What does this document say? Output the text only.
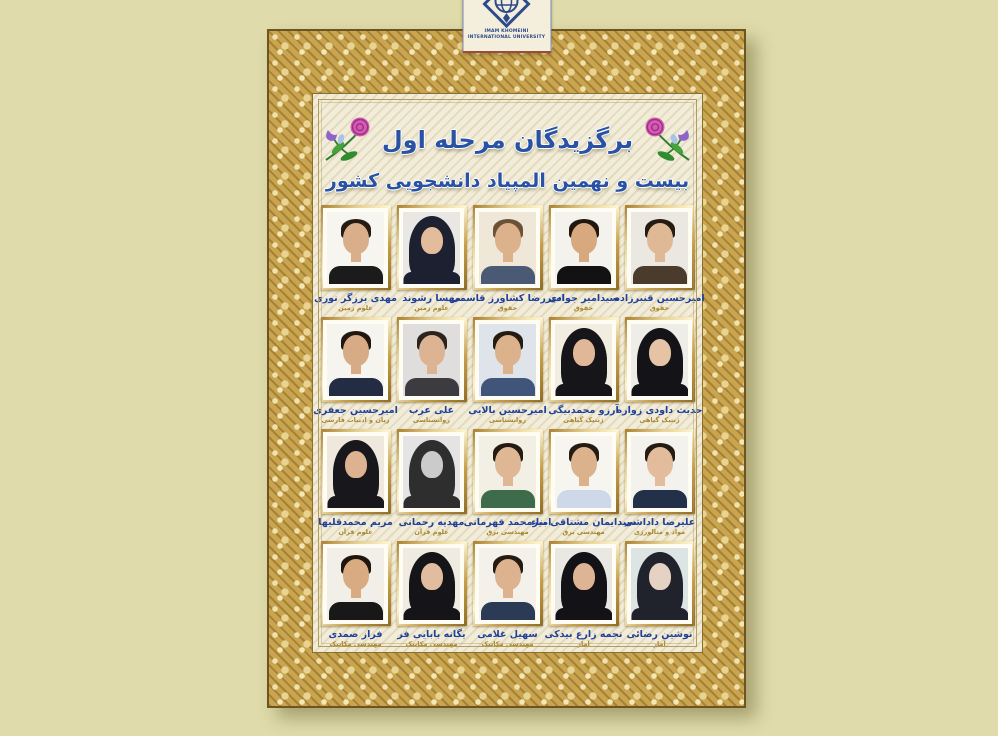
IMAM KHOMEINI
INTERNATIONAL UNIVERSITY
برگزیدگان مرحله اول
بیست و نهمین المپیاد دانشجویی کشور
مهدی برزگر نوری
علوم زمین
مهسا رشوند
علوم زمین
امیررضا کشاورز قاسمی
حقوق
سیدامیر جوادی
حقوق
امیرحسین قنبرزاده
حقوق
امیرحسین جعفری
زبان و ادبیات فارسی
علی عرب
روانشناسی
امیرحسین بالایی
روانشناسی
آرزو محمدبیگی
ژنتیک گیاهی
حدیث داودی زواره
ژنتیک گیاهی
مریم محمدقلیها
علوم قرآن
مهدیه رحمانی
علوم قرآن
امیرمحمد قهرمانی
مهندسی برق
سیدایمان مشتاقی بناء
مهندسی برق
علیرضا داداشی
مواد و متالورژی
فراز صمدی
مهندسی مکانیک
یگانه بابایی فر
مهندسی مکانیک
سهیل غلامی
مهندسی مکانیک
نجمه زارع بیدکی
آمار
نوشین رضائی
آمار
